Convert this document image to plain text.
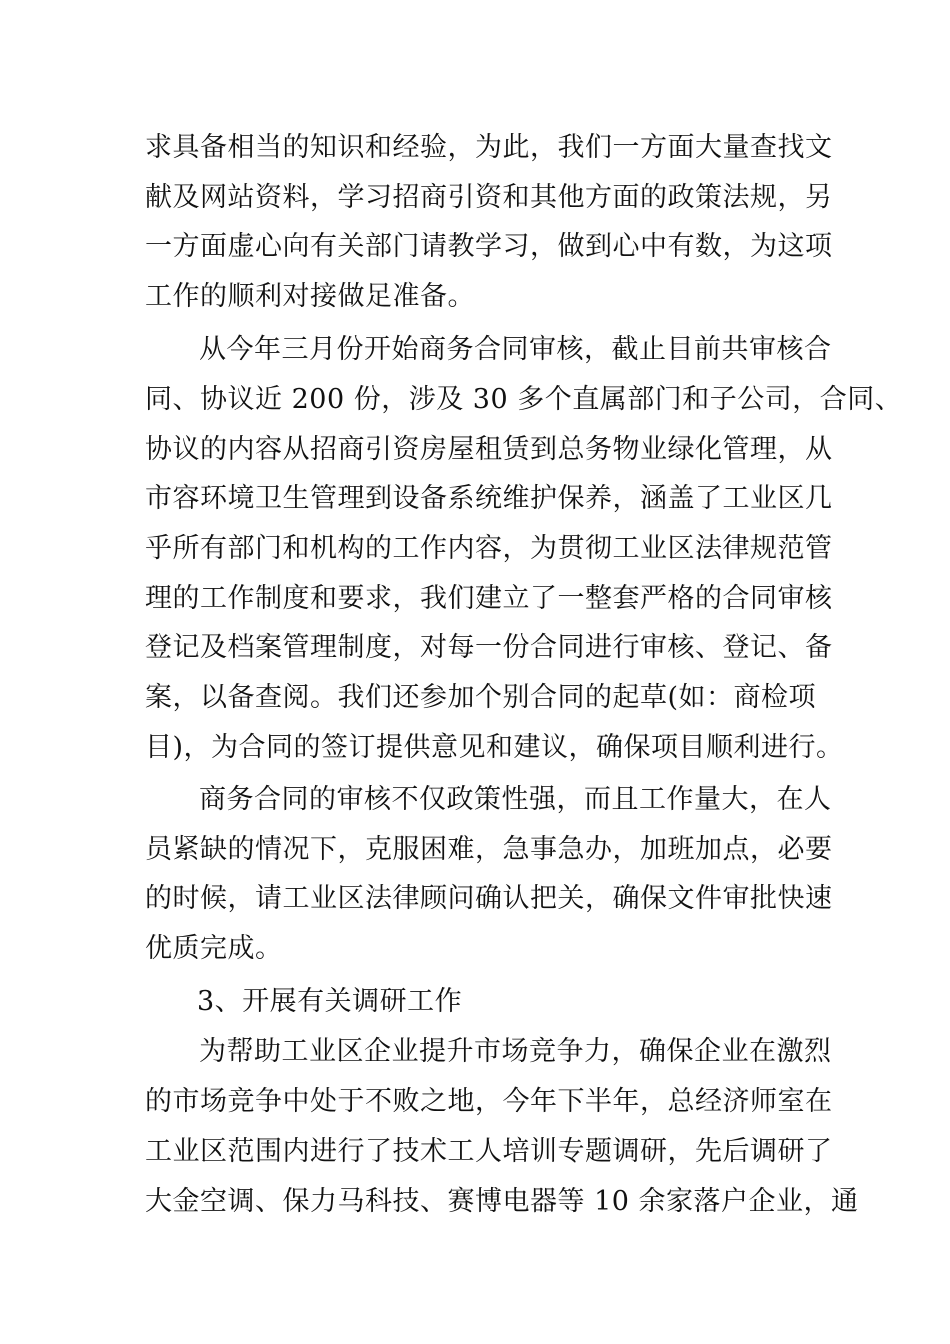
求具备相当的知识和经验，为此，我们一方面大量查找文
献及网站资料，学习招商引资和其他方面的政策法规，另
一方面虚心向有关部门请教学习，做到心中有数，为这项
工作的顺利对接做足准备。
从今年三月份开始商务合同审核，截止目前共审核合
同、协议近 200 份，涉及 30 多个直属部门和子公司，合同、
协议的内容从招商引资房屋租赁到总务物业绿化管理，从
市容环境卫生管理到设备系统维护保养，涵盖了工业区几
乎所有部门和机构的工作内容，为贯彻工业区法律规范管
理的工作制度和要求，我们建立了一整套严格的合同审核
登记及档案管理制度，对每一份合同进行审核、登记、备
案，以备查阅。我们还参加个别合同的起草(如：商检项
目)，为合同的签订提供意见和建议，确保项目顺利进行。
商务合同的审核不仅政策性强，而且工作量大，在人
员紧缺的情况下，克服困难，急事急办，加班加点，必要
的时候，请工业区法律顾问确认把关，确保文件审批快速
优质完成。
3、开展有关调研工作
为帮助工业区企业提升市场竞争力，确保企业在激烈
的市场竞争中处于不败之地，今年下半年，总经济师室在
工业区范围内进行了技术工人培训专题调研，先后调研了
大金空调、保力马科技、赛博电器等 10 余家落户企业，通
